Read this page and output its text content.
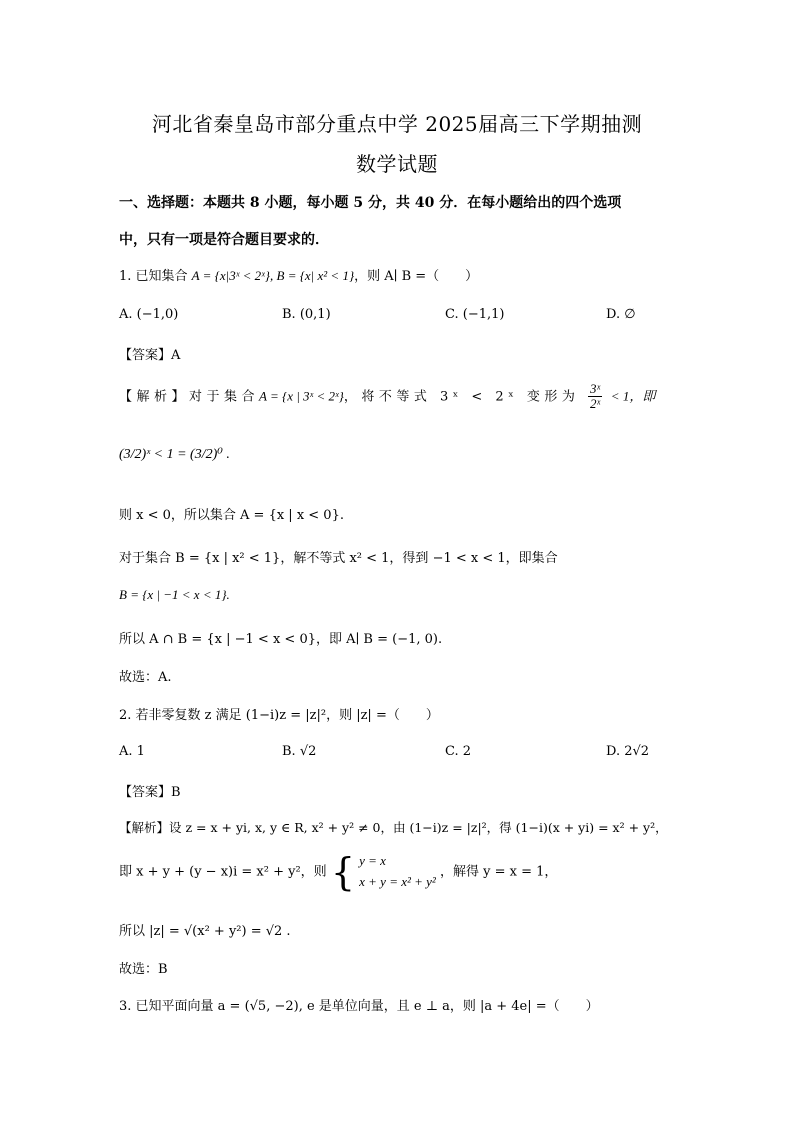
河北省秦皇岛市部分重点中学 2025届高三下学期抽测
数学试题
一、选择题：本题共 8 小题，每小题 5 分，共 40 分．在每小题给出的四个选项
中，只有一项是符合题目要求的．
1. 已知集合 A = {x|3ˣ < 2ˣ}, B = {x| x² < 1}，则 A∣ B =（　　）
A. (−1,0)	B. (0,1)	C. (−1,1)	D. ∅
【答案】A
【解析】对于集合A = {x | 3ˣ < 2ˣ}，将不等式 3ˣ < 2ˣ 变形为 $\frac{\text{3ˣ}}{\text{2ˣ}} < 1$，即
(3/2)ˣ < 1 = (3/2)⁰ .
则 x < 0，所以集合 A = {x | x < 0}.
对于集合 B = {x | x² < 1}，解不等式 x² < 1，得到 −1 < x < 1，即集合
B = {x | −1 < x < 1}.
所以 A ∩ B = {x | −1 < x < 0}，即 A∣ B = (−1, 0).
故选：A.
2. 若非零复数 z 满足 (1−i)z = |z|²，则 |z| =（　　）
A. 1	B. √2	C. 2	D. 2√2
【答案】B
【解析】设 z = x + yi, x, y ∈ R, x² + y² ≠ 0，由 (1−i)z = |z|²，得 (1−i)(x + yi) = x² + y²，
即 x + y + (y − x)i = x² + y²，则 { y = x
x + y = x² + y²
，解得 y = x = 1，
所以 |z| = √(x² + y²) = √2 .
故选：B
3. 已知平面向量 a = (√5, −2), e 是单位向量，且 e ⊥ a，则 |a + 4e| =（　　）
